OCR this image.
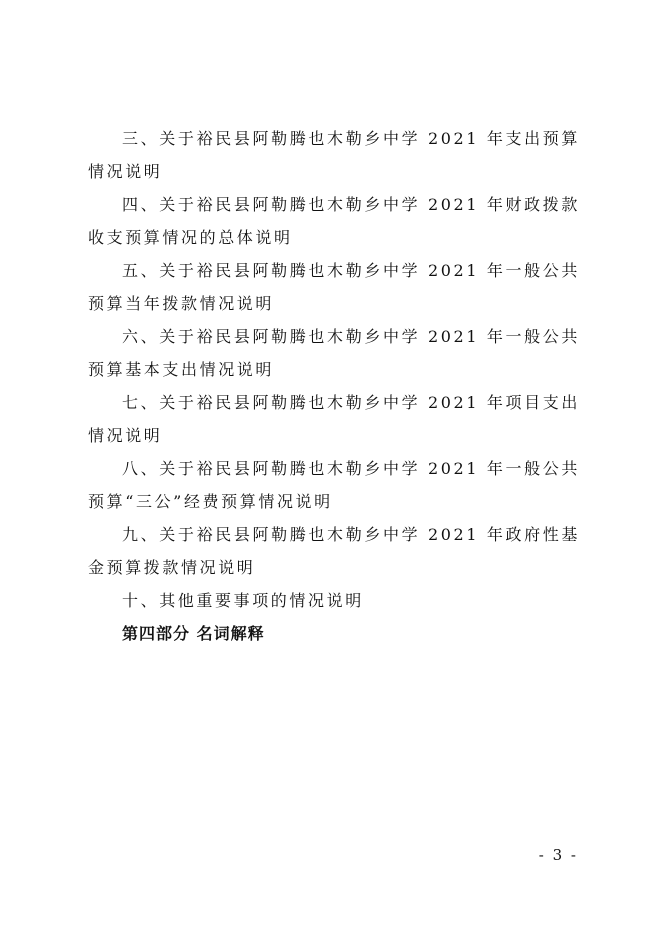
三、关于裕民县阿勒腾也木勒乡中学 2021 年支出预算情况说明

四、关于裕民县阿勒腾也木勒乡中学 2021 年财政拨款收支预算情况的总体说明

五、关于裕民县阿勒腾也木勒乡中学 2021 年一般公共预算当年拨款情况说明

六、关于裕民县阿勒腾也木勒乡中学 2021 年一般公共预算基本支出情况说明

七、关于裕民县阿勒腾也木勒乡中学 2021 年项目支出情况说明

八、关于裕民县阿勒腾也木勒乡中学 2021 年一般公共预算“三公”经费预算情况说明

九、关于裕民县阿勒腾也木勒乡中学 2021 年政府性基金预算拨款情况说明

十、其他重要事项的情况说明

第四部分 名词解释

- 3 -
